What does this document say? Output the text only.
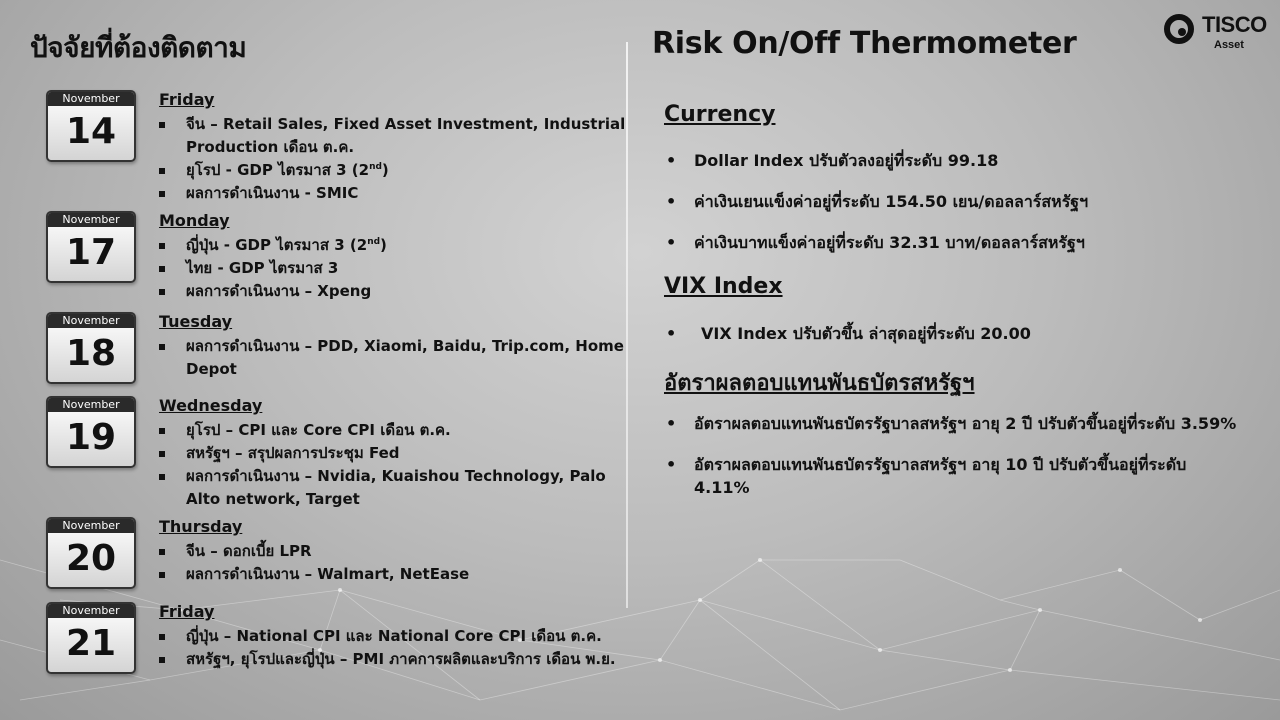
ปัจจัยที่ต้องติดตาม	Risk On/Off Thermometer
TISCO
Asset
November
14
Friday
จีน – Retail Sales, Fixed Asset Investment, Industrial Production เดือน ต.ค.
ยุโรป - GDP ไตรมาส 3 (2nd)
ผลการดำเนินงาน - SMIC
November
17
Monday
ญี่ปุ่น - GDP ไตรมาส 3 (2nd)
ไทย - GDP ไตรมาส 3
ผลการดำเนินงาน – Xpeng
November
18
Tuesday
ผลการดำเนินงาน – PDD, Xiaomi, Baidu, Trip.com, Home Depot
November
19
Wednesday
ยุโรป – CPI และ Core CPI เดือน ต.ค.
สหรัฐฯ – สรุปผลการประชุม Fed
ผลการดำเนินงาน – Nvidia, Kuaishou Technology, Palo Alto network, Target
November
20
Thursday
จีน – ดอกเบี้ย LPR
ผลการดำเนินงาน – Walmart, NetEase
November
21
Friday
ญี่ปุ่น – National CPI และ National Core CPI เดือน ต.ค.
สหรัฐฯ, ยุโรปและญี่ปุ่น – PMI ภาคการผลิตและบริการ เดือน พ.ย.
Currency
• Dollar Index ปรับตัวลงอยู่ที่ระดับ 99.18
• ค่าเงินเยนแข็งค่าอยู่ที่ระดับ 154.50 เยน/ดอลลาร์สหรัฐฯ
• ค่าเงินบาทแข็งค่าอยู่ที่ระดับ 32.31 บาท/ดอลลาร์สหรัฐฯ
VIX Index
• VIX Index ปรับตัวขึ้น ล่าสุดอยู่ที่ระดับ 20.00
อัตราผลตอบแทนพันธบัตรสหรัฐฯ
• อัตราผลตอบแทนพันธบัตรรัฐบาลสหรัฐฯ อายุ 2 ปี ปรับตัวขึ้นอยู่ที่ระดับ 3.59%
• อัตราผลตอบแทนพันธบัตรรัฐบาลสหรัฐฯ อายุ 10 ปี ปรับตัวขึ้นอยู่ที่ระดับ 4.11%
